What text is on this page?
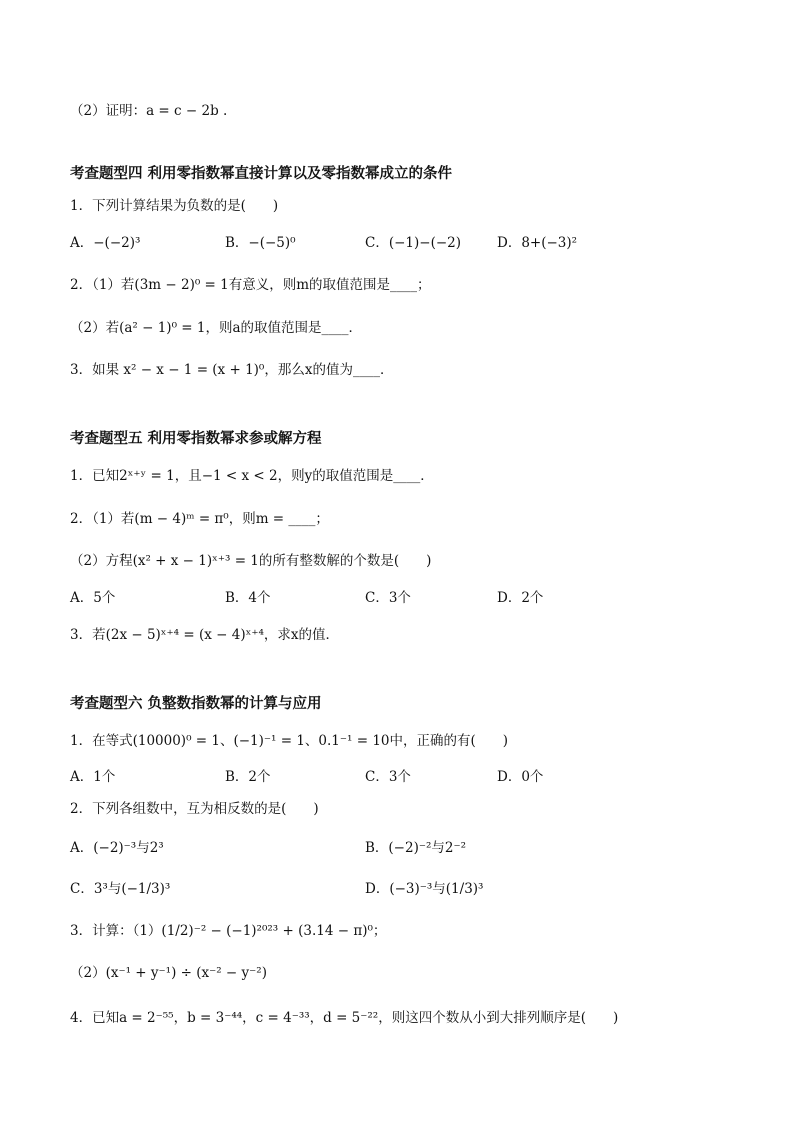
（2）证明：a = c − 2b .
考查题型四 利用零指数幂直接计算以及零指数幂成立的条件
1．下列计算结果为负数的是(　　)
A．−(−2)³	B．−(−5)⁰	C．(−1)−(−2)	D．8+(−3)²
2．（1）若(3m − 2)⁰ = 1有意义，则m的取值范围是____；
（2）若(a² − 1)⁰ = 1，则a的取值范围是____．
3．如果 x² − x − 1 = (x + 1)⁰，那么x的值为____．
考查题型五 利用零指数幂求参或解方程
1．已知2ˣ⁺ʸ = 1，且−1 < x < 2，则y的取值范围是____．
2．（1）若(m − 4)ᵐ = π⁰，则m = ____；
（2）方程(x² + x − 1)ˣ⁺³ = 1的所有整数解的个数是(　　)
A．5个	B．4个	C．3个	D．2个
3．若(2x − 5)ˣ⁺⁴ = (x − 4)ˣ⁺⁴，求x的值．
考查题型六 负整数指数幂的计算与应用
1．在等式(10000)⁰ = 1、(−1)⁻¹ = 1、0.1⁻¹ = 10中，正确的有(　　)
A．1个	B．2个	C．3个	D．0个
2．下列各组数中，互为相反数的是(　　)
A．(−2)⁻³与2³	B．(−2)⁻²与2⁻²
C．3³与(−1/3)³	D．(−3)⁻³与(1/3)³
3．计算：（1）(1/2)⁻² − (−1)²⁰²³ + (3.14 − π)⁰；
（2）(x⁻¹ + y⁻¹) ÷ (x⁻² − y⁻²)
4．已知a = 2⁻⁵⁵，b = 3⁻⁴⁴，c = 4⁻³³，d = 5⁻²²，则这四个数从小到大排列顺序是(　　)
